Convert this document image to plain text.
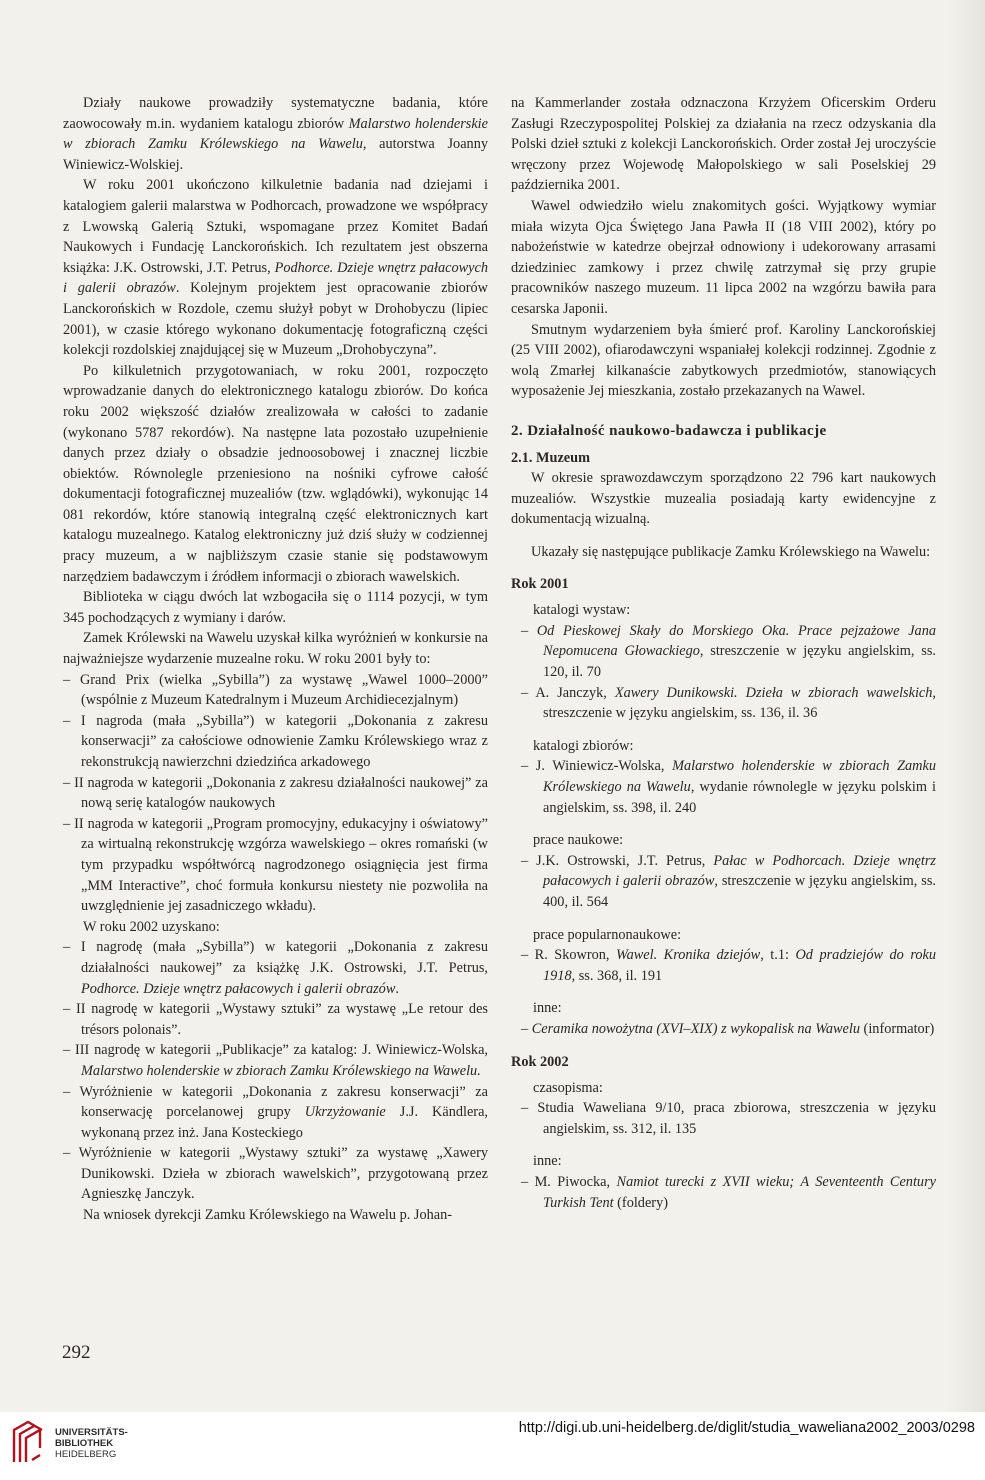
Działy naukowe prowadziły systematyczne badania, które zaowocowały m.in. wydaniem katalogu zbiorów Malarstwo holenderskie w zbiorach Zamku Królewskiego na Wawelu, autorstwa Joanny Winiewicz-Wolskiej.

W roku 2001 ukończono kilkuletnie badania nad dziejami i katalogiem galerii malarstwa w Podhorcach, prowadzone we współpracy z Lwowską Galerią Sztuki, wspomagane przez Komitet Badań Naukowych i Fundację Lanckorońskich. Ich rezultatem jest obszerna książka: J.K. Ostrowski, J.T. Petrus, Podhorce. Dzieje wnętrz pałacowych i galerii obrazów. Kolejnym projektem jest opracowanie zbiorów Lanckorońskich w Rozdole, czemu służył pobyt w Drohobyczu (lipiec 2001), w czasie którego wykonano dokumentację fotograficzną części kolekcji rozdolskiej znajdującej się w Muzeum „Drohobyczyna”.

Po kilkuletnich przygotowaniach, w roku 2001, rozpoczęto wprowadzanie danych do elektronicznego katalogu zbiorów. Do końca roku 2002 większość działów zrealizowała w całości to zadanie (wykonano 5787 rekordów). Na następne lata pozostało uzupełnienie danych przez działy o obsadzie jednoosobowej i znacznej liczbie obiektów. Równolegle przeniesiono na nośniki cyfrowe całość dokumentacji fotograficznej muzealiów (tzw. wglądówki), wykonując 14 081 rekordów, które stanowią integralną część elektronicznych kart katalogu muzealnego. Katalog elektroniczny już dziś służy w codziennej pracy muzeum, a w najbliższym czasie stanie się podstawowym narzędziem badawczym i źródłem informacji o zbiorach wawelskich.

Biblioteka w ciągu dwóch lat wzbogaciła się o 1114 pozycji, w tym 345 pochodzących z wymiany i darów.

Zamek Królewski na Wawelu uzyskał kilka wyróżnień w konkursie na najważniejsze wydarzenie muzealne roku. W roku 2001 były to:

– Grand Prix (wielka „Sybilla”) za wystawę „Wawel 1000–2000” (wspólnie z Muzeum Katedralnym i Muzeum Archidiecezjalnym)

– I nagroda (mała „Sybilla”) w kategorii „Dokonania z zakresu konserwacji” za całościowe odnowienie Zamku Królewskiego wraz z rekonstrukcją nawierzchni dziedzińca arkadowego

– II nagroda w kategorii „Dokonania z zakresu działalności naukowej” za nową serię katalogów naukowych

– II nagroda w kategorii „Program promocyjny, edukacyjny i oświatowy” za wirtualną rekonstrukcję wzgórza wawelskiego – okres romański (w tym przypadku współtwórcą nagrodzonego osiągnięcia jest firma „MM Interactive”, choć formuła konkursu niestety nie pozwoliła na uwzględnienie jej zasadniczego wkładu).

W roku 2002 uzyskano:

– I nagrodę (mała „Sybilla”) w kategorii „Dokonania z zakresu działalności naukowej” za książkę J.K. Ostrowski, J.T. Petrus, Podhorce. Dzieje wnętrz pałacowych i galerii obrazów.

– II nagrodę w kategorii „Wystawy sztuki” za wystawę „Le retour des trésors polonais”.

– III nagrodę w kategorii „Publikacje” za katalog: J. Winiewicz-Wolska, Malarstwo holenderskie w zbiorach Zamku Królewskiego na Wawelu.

– Wyróżnienie w kategorii „Dokonania z zakresu konserwacji” za konserwację porcelanowej grupy Ukrzyżowanie J.J. Kändlera, wykonaną przez inż. Jana Kosteckiego

– Wyróżnienie w kategorii „Wystawy sztuki” za wystawę „Xawery Dunikowski. Dzieła w zbiorach wawelskich”, przygotowaną przez Agnieszkę Janczyk.

Na wniosek dyrekcji Zamku Królewskiego na Wawelu p. Johan-

na Kammerlander została odznaczona Krzyżem Oficerskim Orderu Zasługi Rzeczypospolitej Polskiej za działania na rzecz odzyskania dla Polski dzieł sztuki z kolekcji Lanckorońskich. Order został Jej uroczyście wręczony przez Wojewodę Małopolskiego w sali Poselskiej 29 października 2001.

Wawel odwiedziło wielu znakomitych gości. Wyjątkowy wymiar miała wizyta Ojca Świętego Jana Pawła II (18 VIII 2002), który po nabożeństwie w katedrze obejrzał odnowiony i udekorowany arrasami dziedziniec zamkowy i przez chwilę zatrzymał się przy grupie pracowników naszego muzeum. 11 lipca 2002 na wzgórzu bawiła para cesarska Japonii.

Smutnym wydarzeniem była śmierć prof. Karoliny Lanckorońskiej (25 VIII 2002), ofiarodawczyni wspaniałej kolekcji rodzinnej. Zgodnie z wolą Zmarłej kilkanaście zabytkowych przedmiotów, stanowiących wyposażenie Jej mieszkania, zostało przekazanych na Wawel.

2. Działalność naukowo-badawcza i publikacje
2.1. Muzeum

W okresie sprawozdawczym sporządzono 22 796 kart naukowych muzealiów. Wszystkie muzealia posiadają karty ewidencyjne z dokumentacją wizualną.

Ukazały się następujące publikacje Zamku Królewskiego na Wawelu:

Rok 2001

katalogi wystaw:

– Od Pieskowej Skały do Morskiego Oka. Prace pejzażowe Jana Nepomucena Głowackiego, streszczenie w języku angielskim, ss. 120, il. 70

– A. Janczyk, Xawery Dunikowski. Dzieła w zbiorach wawelskich, streszczenie w języku angielskim, ss. 136, il. 36

katalogi zbiorów:

– J. Winiewicz-Wolska, Malarstwo holenderskie w zbiorach Zamku Królewskiego na Wawelu, wydanie równolegle w języku polskim i angielskim, ss. 398, il. 240

prace naukowe:

– J.K. Ostrowski, J.T. Petrus, Pałac w Podhorcach. Dzieje wnętrz pałacowych i galerii obrazów, streszczenie w języku angielskim, ss. 400, il. 564

prace popularnonaukowe:

– R. Skowron, Wawel. Kronika dziejów, t.1: Od pradziejów do roku 1918, ss. 368, il. 191

inne:

– Ceramika nowożytna (XVI–XIX) z wykopalisk na Wawelu (informator)

Rok 2002

czasopisma:

– Studia Waweliana 9/10, praca zbiorowa, streszczenia w języku angielskim, ss. 312, il. 135

inne:

– M. Piwocka, Namiot turecki z XVII wieku; A Seventeenth Century Turkish Tent (foldery)

292
UNIVERSITÄTS-
BIBLIOTHEK
HEIDELBERG
http://digi.ub.uni-heidelberg.de/diglit/studia_waweliana2002_2003/0298
